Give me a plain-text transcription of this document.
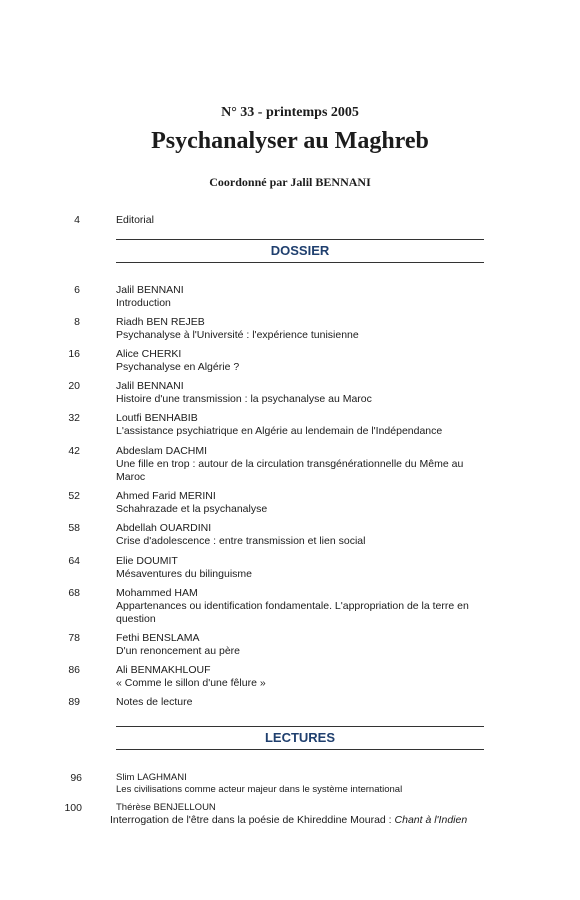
N° 33 - printemps 2005
Psychanalyser au Maghreb
Coordonné par Jalil BENNANI
4	Editorial
DOSSIER
6	Jalil BENNANI
Introduction
8	Riadh BEN REJEB
Psychanalyse à l'Université : l'expérience tunisienne
16	Alice CHERKI
Psychanalyse en Algérie ?
20	Jalil BENNANI
Histoire d'une transmission : la psychanalyse au Maroc
32	Loutfi BENHABIB
L'assistance psychiatrique en Algérie au lendemain de l'Indépendance
42	Abdeslam DACHMI
Une fille en trop : autour de la circulation transgénérationnelle du Même au Maroc
52	Ahmed Farid MERINI
Schahrazade et la psychanalyse
58	Abdellah OUARDINI
Crise d'adolescence : entre transmission et lien social
64	Elie DOUMIT
Mésaventures du bilinguisme
68	Mohammed HAM
Appartenances ou identification fondamentale. L'appropriation de la terre en question
78	Fethi BENSLAMA
D'un renoncement au père
86	Ali BENMAKHLOUF
« Comme le sillon d'une fêlure »
89	Notes de lecture
LECTURES
96	Slim LAGHMANI
Les civilisations comme acteur majeur dans le système international
100	Thérèse BENJELLOUN
Interrogation de l'être dans la poésie de Khireddine Mourad : Chant à l'Indien
